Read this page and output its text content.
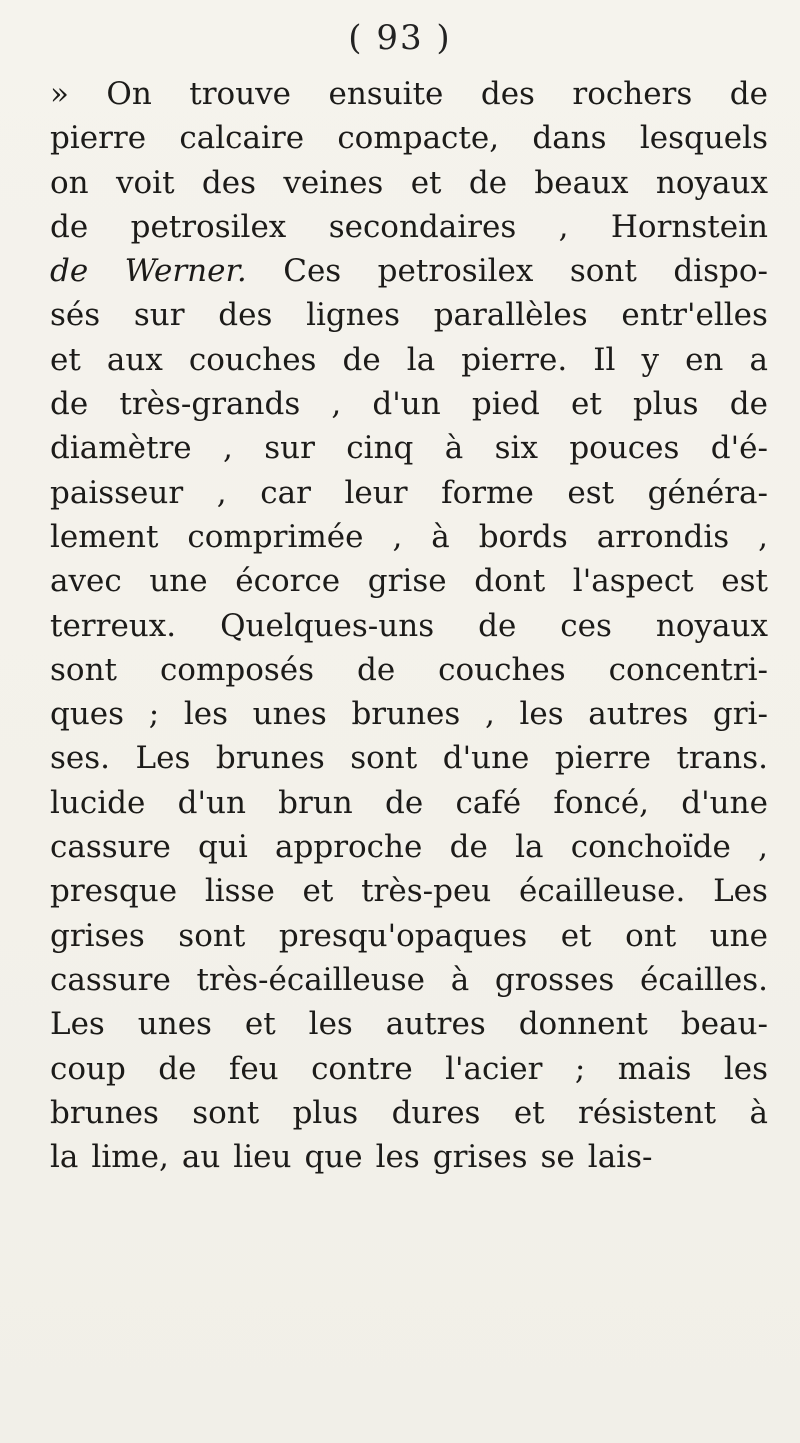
( 93 )
» On trouve ensuite des rochers de
pierre calcaire compacte, dans lesquels
on voit des veines et de beaux noyaux
de petrosilex secondaires , Hornstein
de Werner. Ces petrosilex sont dispo-
sés sur des lignes parallèles entr'elles
et aux couches de la pierre. Il y en a
de très-grands , d'un pied et plus de
diamètre , sur cinq à six pouces d'é-
paisseur , car leur forme est généra-
lement comprimée , à bords arrondis ,
avec une écorce grise dont l'aspect est
terreux. Quelques-uns de ces noyaux
sont composés de couches concentri-
ques ; les unes brunes , les autres gri-
ses. Les brunes sont d'une pierre trans.
lucide d'un brun de café foncé, d'une
cassure qui approche de la conchoïde ,
presque lisse et très-peu écailleuse. Les
grises sont presqu'opaques et ont une
cassure très-écailleuse à grosses écailles.
Les unes et les autres donnent beau-
coup de feu contre l'acier ; mais les
brunes sont plus dures et résistent à
la lime, au lieu que les grises se lais-
